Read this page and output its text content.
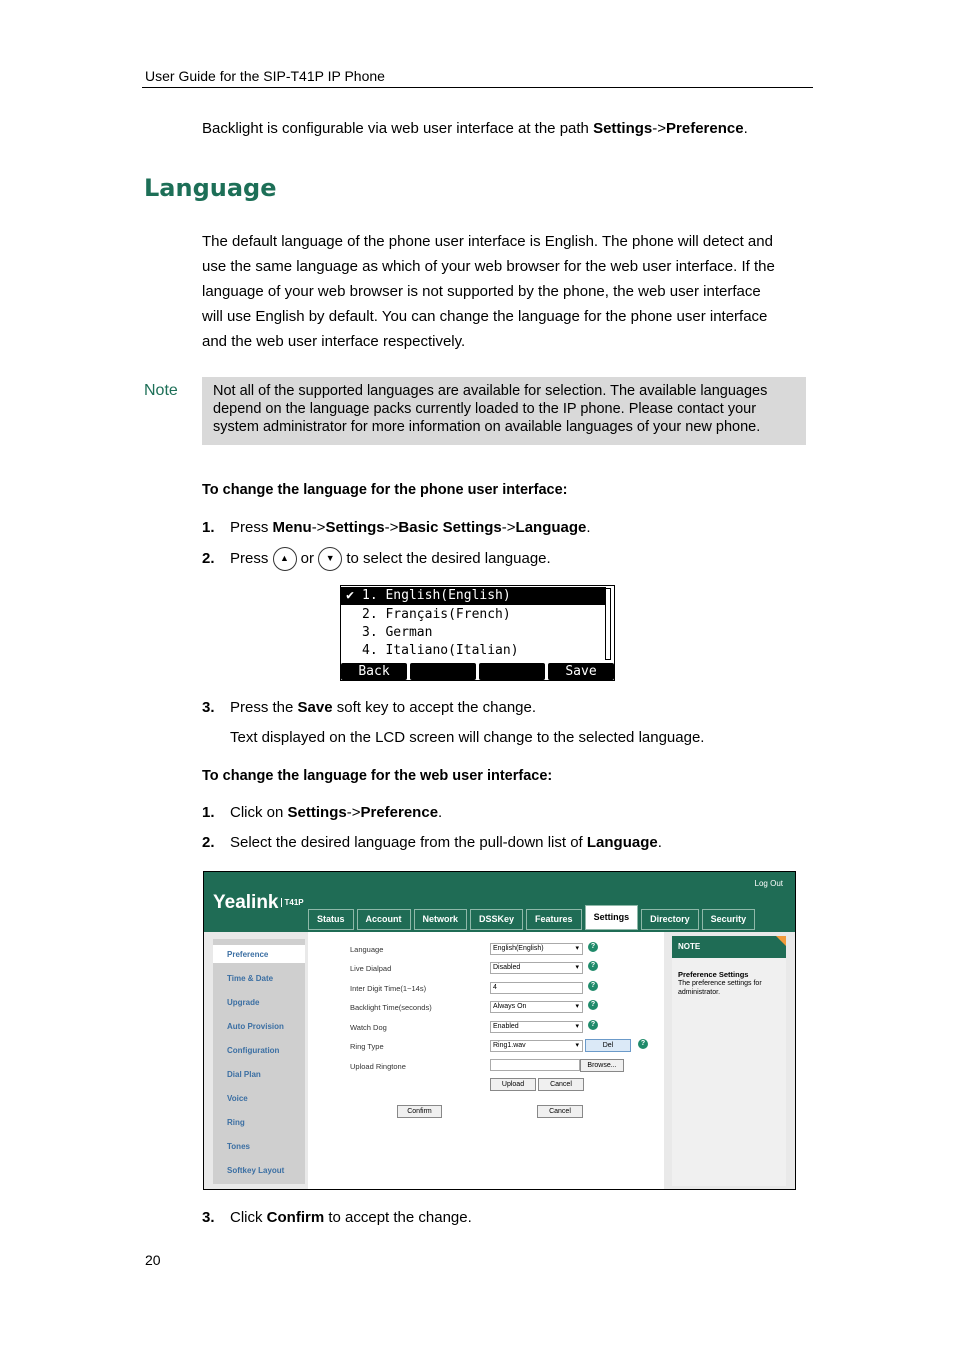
User Guide for the SIP-T41P IP Phone
Backlight is configurable via web user interface at the path Settings->Preference.
Language
The default language of the phone user interface is English. The phone will detect and
use the same language as which of your web browser for the web user interface. If the
language of your web browser is not supported by the phone, the web user interface
will use English by default. You can change the language for the phone user interface
and the web user interface respectively.
Note Not all of the supported languages are available for selection. The available languages
depend on the language packs currently loaded to the IP phone. Please contact your
system administrator for more information on available languages of your new phone.
To change the language for the phone user interface:
1. Press Menu->Settings->Basic Settings->Language.
2. Press ▲ or ▼ to select the desired language.
✔ 1. English(English)
2. Français(French)
3. German
4. Italiano(Italian)
Back	Save
3. Press the Save soft key to accept the change.
Text displayed on the LCD screen will change to the selected language.
To change the language for the web user interface:
1. Click on Settings->Preference.
2. Select the desired language from the pull-down list of Language.
Yealink T41P
Log Out
Status	Account	Network	DSSKey	Features	Settings	Directory	Security
Preference
Time & Date
Upgrade
Auto Provision
Configuration
Dial Plan
Voice
Ring
Tones
Softkey Layout
Language	English(English) ▾	?
Live Dialpad	Disabled ▾	?
Inter Digit Time(1~14s)	4	?
Backlight Time(seconds)	Always On ▾	?
Watch Dog	Enabled ▾	?
Ring Type	Ring1.wav ▾	Del	?
Upload Ringtone	Browse...
Upload	Cancel
Confirm	Cancel
NOTE
Preference Settings
The preference settings for administrator.
3. Click Confirm to accept the change.
20
